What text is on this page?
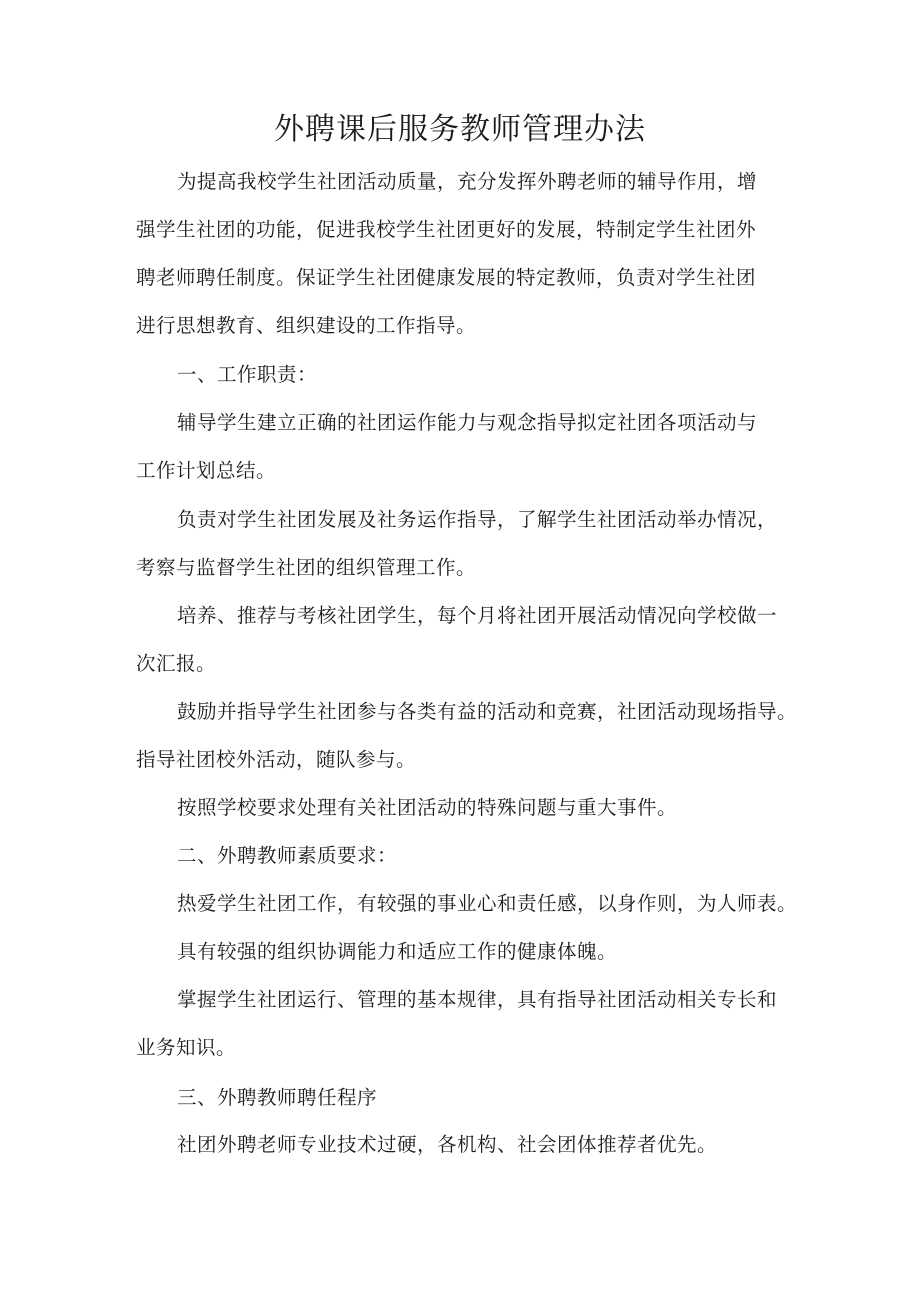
外聘课后服务教师管理办法
为提高我校学生社团活动质量，充分发挥外聘老师的辅导作用，增
强学生社团的功能，促进我校学生社团更好的发展，特制定学生社团外
聘老师聘任制度。保证学生社团健康发展的特定教师，负责对学生社团
进行思想教育、组织建设的工作指导。
一、工作职责：
辅导学生建立正确的社团运作能力与观念指导拟定社团各项活动与
工作计划总结。
负责对学生社团发展及社务运作指导，了解学生社团活动举办情况，
考察与监督学生社团的组织管理工作。
培养、推荐与考核社团学生，每个月将社团开展活动情况向学校做一
次汇报。
鼓励并指导学生社团参与各类有益的活动和竞赛，社团活动现场指导。
指导社团校外活动，随队参与。
按照学校要求处理有关社团活动的特殊问题与重大事件。
二、外聘教师素质要求：
热爱学生社团工作，有较强的事业心和责任感，以身作则，为人师表。
具有较强的组织协调能力和适应工作的健康体魄。
掌握学生社团运行、管理的基本规律，具有指导社团活动相关专长和
业务知识。
三、外聘教师聘任程序
社团外聘老师专业技术过硬，各机构、社会团体推荐者优先。
